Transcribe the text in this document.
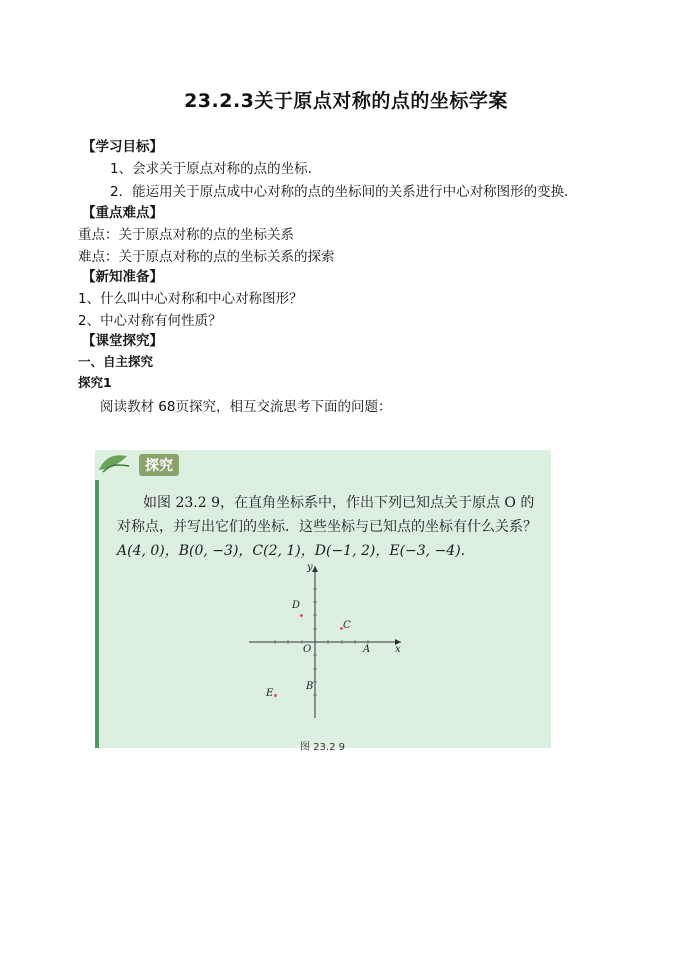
23.2.3关于原点对称的点的坐标学案
【学习目标】
1、会求关于原点对称的点的坐标.
2．能运用关于原点成中心对称的点的坐标间的关系进行中心对称图形的变换．
【重点难点】
重点：关于原点对称的点的坐标关系
难点：关于原点对称的点的坐标关系的探索
【新知准备】
1、什么叫中心对称和中心对称图形？
2、中心对称有何性质？
【课堂探究】
一、自主探究
探究1
阅读教材 68页探究，相互交流思考下面的问题：
探究
如图 23.2 9，在直角坐标系中，作出下列已知点关于原点 O 的
对称点，并写出它们的坐标．这些坐标与已知点的坐标有什么关系？
A(4, 0)，B(0, −3)，C(2, 1)，D(−1, 2)，E(−3, −4).
x
y
O	A
B
C
D
E
图 23.2 9
